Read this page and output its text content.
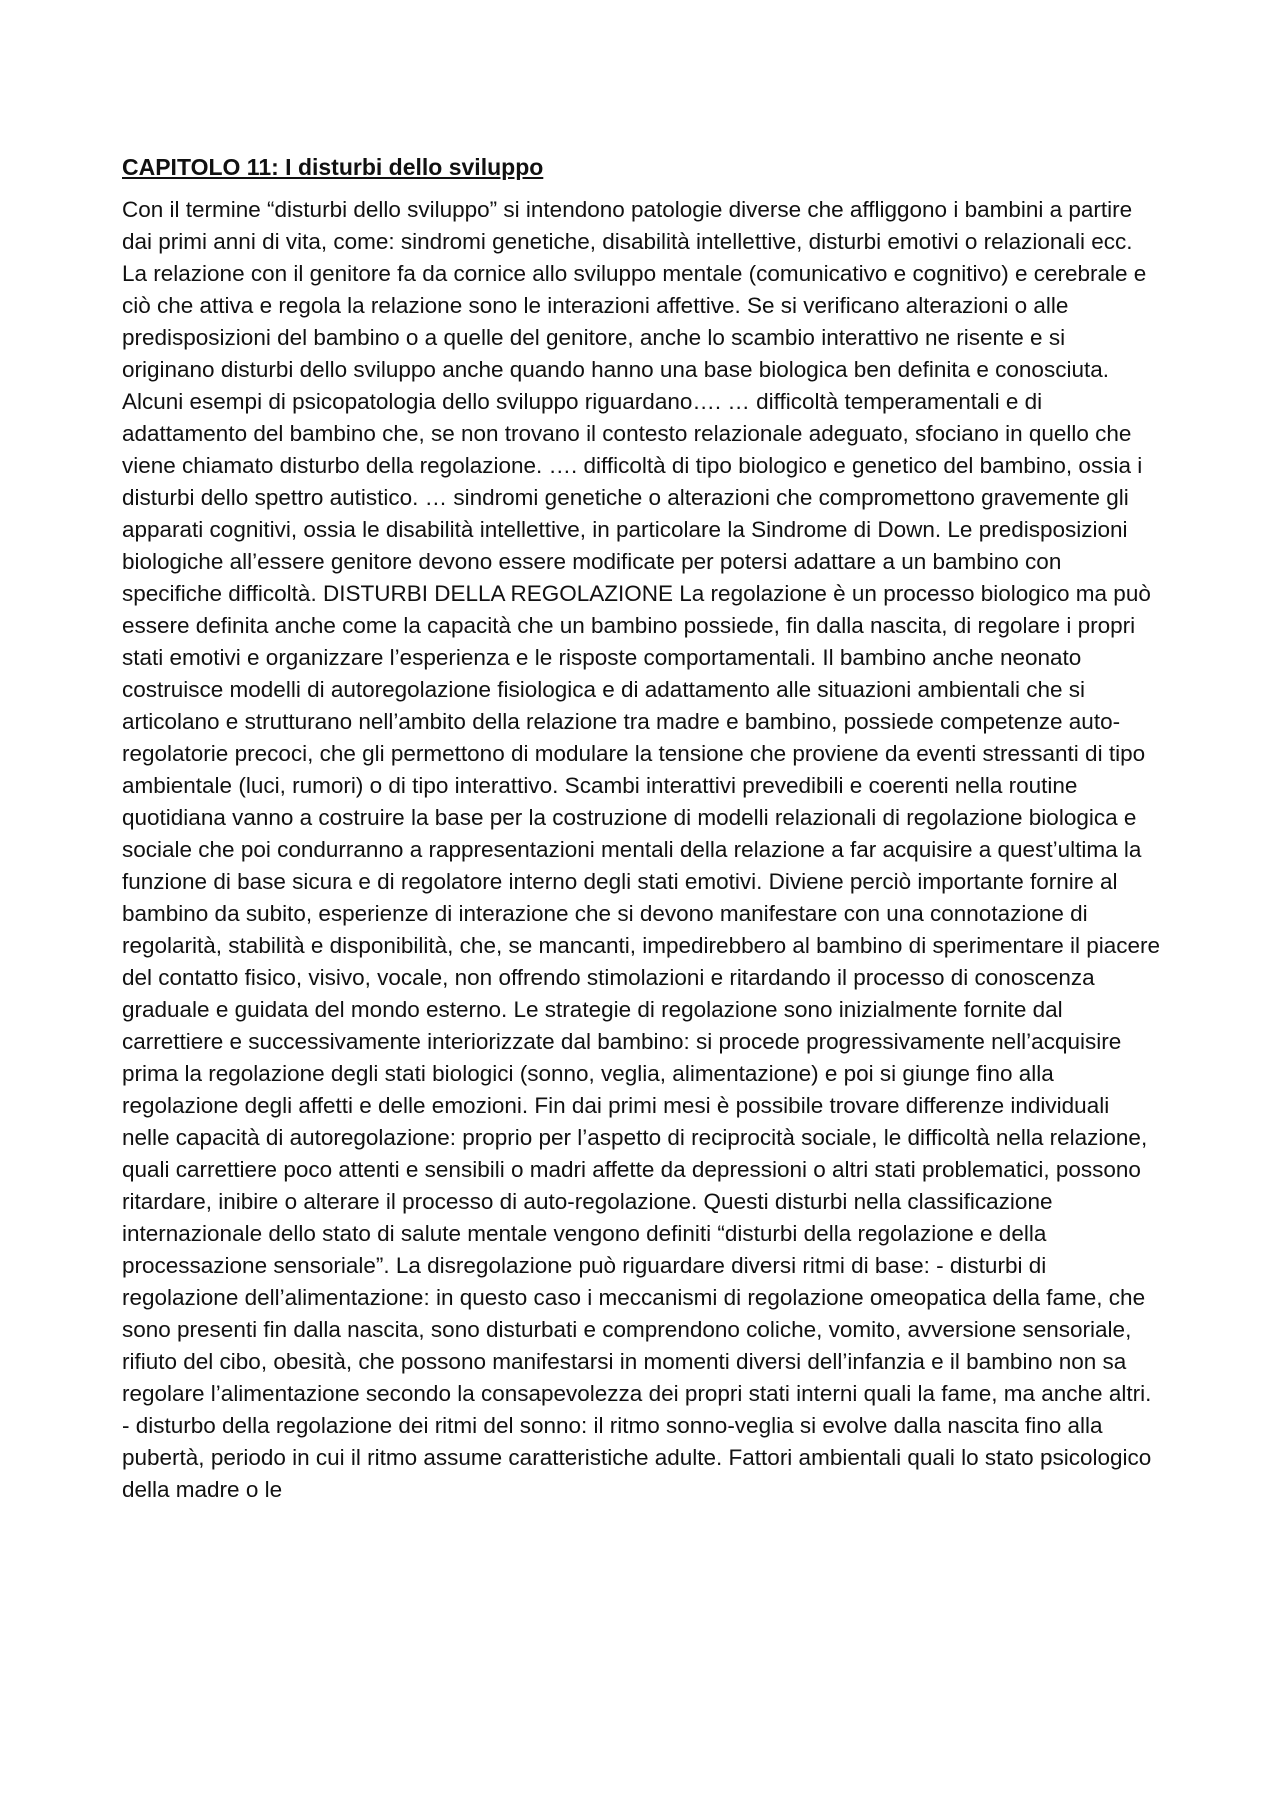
CAPITOLO 11: I disturbi dello sviluppo

Con il termine “disturbi dello sviluppo” si intendono patologie diverse che affliggono i bambini a partire dai primi anni di vita, come: sindromi genetiche, disabilità intellettive, disturbi emotivi o relazionali ecc. La relazione con il genitore fa da cornice allo sviluppo mentale (comunicativo e cognitivo) e cerebrale e ciò che attiva e regola la relazione sono le interazioni affettive. Se si verificano alterazioni o alle predisposizioni del bambino o a quelle del genitore, anche lo scambio interattivo ne risente e si originano disturbi dello sviluppo anche quando hanno una base biologica ben definita e conosciuta. Alcuni esempi di psicopatologia dello sviluppo riguardano…. … difficoltà temperamentali e di adattamento del bambino che, se non trovano il contesto relazionale adeguato, sfociano in quello che viene chiamato disturbo della regolazione. …. difficoltà di tipo biologico e genetico del bambino, ossia i disturbi dello spettro autistico. … sindromi genetiche o alterazioni che compromettono gravemente gli apparati cognitivi, ossia le disabilità intellettive, in particolare la Sindrome di Down. Le predisposizioni biologiche all’essere genitore devono essere modificate per potersi adattare a un bambino con specifiche difficoltà. DISTURBI DELLA REGOLAZIONE La regolazione è un processo biologico ma può essere definita anche come la capacità che un bambino possiede, fin dalla nascita, di regolare i propri stati emotivi e organizzare l’esperienza e le risposte comportamentali. Il bambino anche neonato costruisce modelli di autoregolazione fisiologica e di adattamento alle situazioni ambientali che si articolano e strutturano nell’ambito della relazione tra madre e bambino, possiede competenze auto-regolatorie precoci, che gli permettono di modulare la tensione che proviene da eventi stressanti di tipo ambientale (luci, rumori) o di tipo interattivo. Scambi interattivi prevedibili e coerenti nella routine quotidiana vanno a costruire la base per la costruzione di modelli relazionali di regolazione biologica e sociale che poi condurranno a rappresentazioni mentali della relazione a far acquisire a quest’ultima la funzione di base sicura e di regolatore interno degli stati emotivi. Diviene perciò importante fornire al bambino da subito, esperienze di interazione che si devono manifestare con una connotazione di regolarità, stabilità e disponibilità, che, se mancanti, impedirebbero al bambino di sperimentare il piacere del contatto fisico, visivo, vocale, non offrendo stimolazioni e ritardando il processo di conoscenza graduale e guidata del mondo esterno. Le strategie di regolazione sono inizialmente fornite dal carrettiere e successivamente interiorizzate dal bambino: si procede progressivamente nell’acquisire prima la regolazione degli stati biologici (sonno, veglia, alimentazione) e poi si giunge fino alla regolazione degli affetti e delle emozioni. Fin dai primi mesi è possibile trovare differenze individuali nelle capacità di autoregolazione: proprio per l’aspetto di reciprocità sociale, le difficoltà nella relazione, quali carrettiere poco attenti e sensibili o madri affette da depressioni o altri stati problematici, possono ritardare, inibire o alterare il processo di auto-regolazione. Questi disturbi nella classificazione internazionale dello stato di salute mentale vengono definiti “disturbi della regolazione e della processazione sensoriale”. La disregolazione può riguardare diversi ritmi di base: - disturbi di regolazione dell’alimentazione: in questo caso i meccanismi di regolazione omeopatica della fame, che sono presenti fin dalla nascita, sono disturbati e comprendono coliche, vomito, avversione sensoriale, rifiuto del cibo, obesità, che possono manifestarsi in momenti diversi dell’infanzia e il bambino non sa regolare l’alimentazione secondo la consapevolezza dei propri stati interni quali la fame, ma anche altri. - disturbo della regolazione dei ritmi del sonno: il ritmo sonno-veglia si evolve dalla nascita fino alla pubertà, periodo in cui il ritmo assume caratteristiche adulte. Fattori ambientali quali lo stato psicologico della madre o le
